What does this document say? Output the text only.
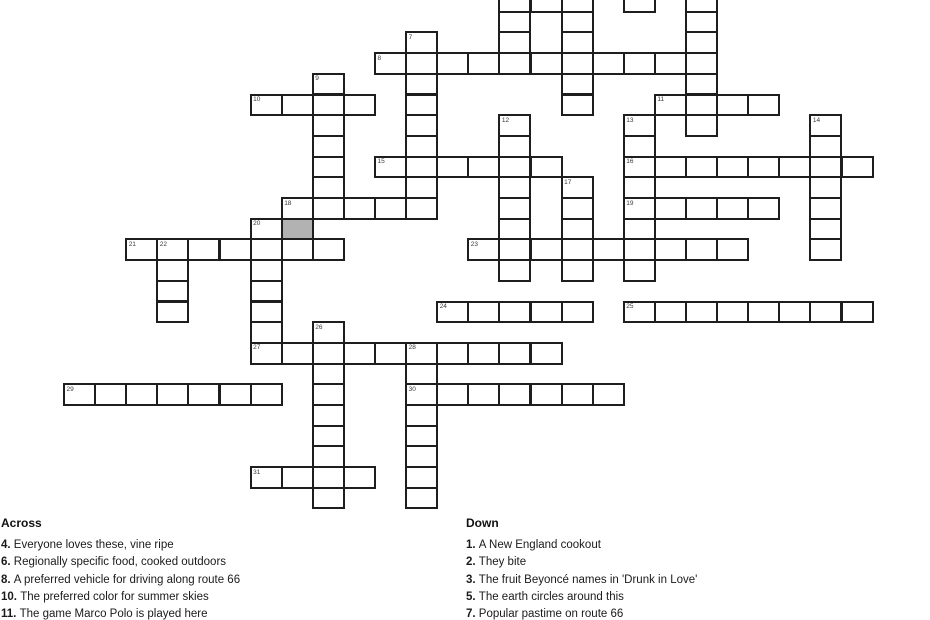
7
8
9
10	11
12	13
16
19
14
15
17
18
20
27
21	22	23
24	25
26
28
30
29
31
Across
4. Everyone loves these, vine ripe
6. Regionally specific food, cooked outdoors
8. A preferred vehicle for driving along route 66
10. The preferred color for summer skies
11. The game Marco Polo is played here
Down
1. A New England cookout
2. They bite
3. The fruit Beyoncé names in 'Drunk in Love'
5. The earth circles around this
7. Popular pastime on route 66
